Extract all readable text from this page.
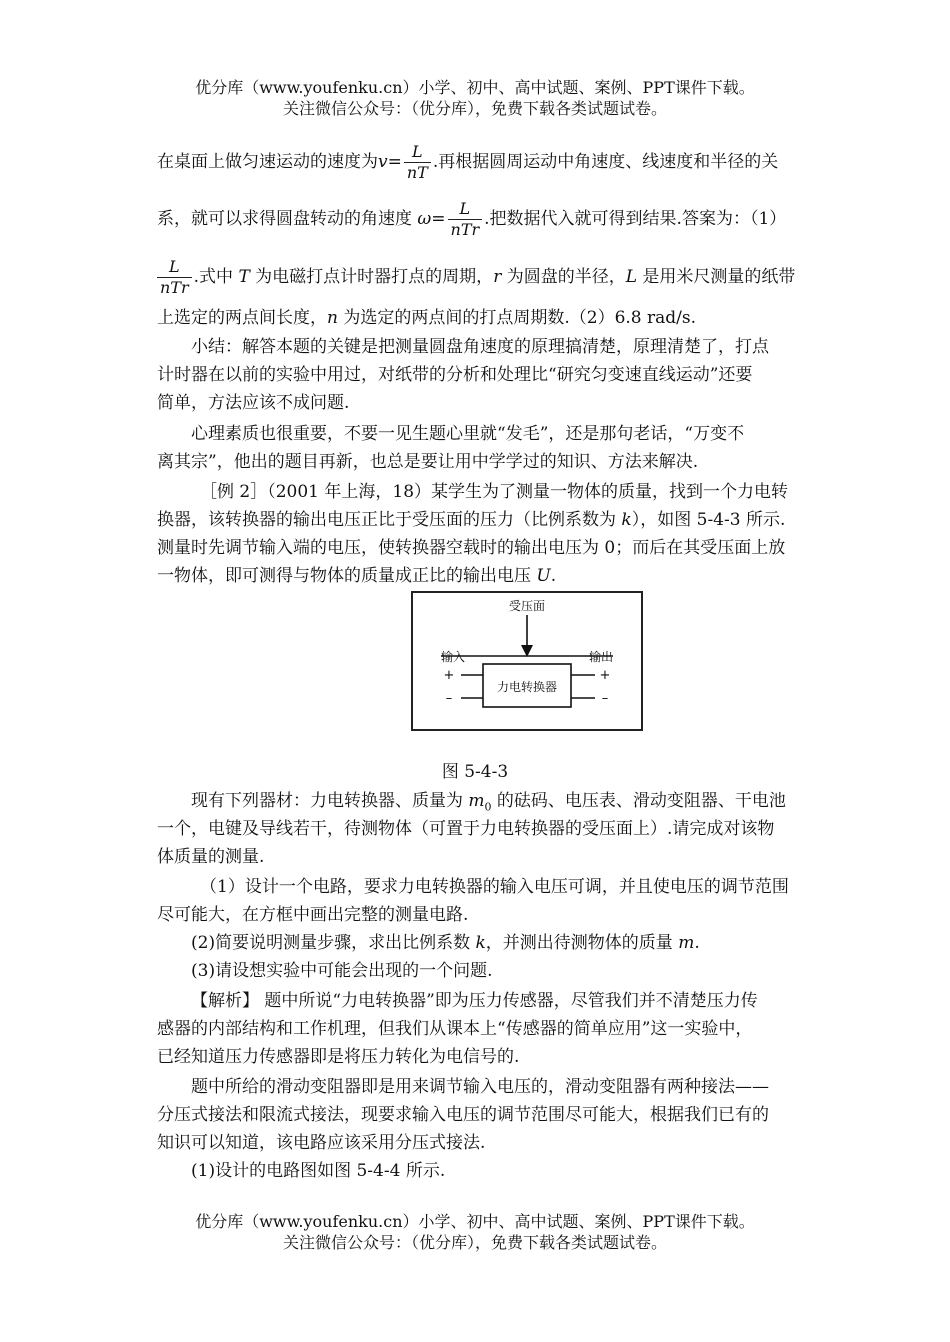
优分库（www.youfenku.cn）小学、初中、高中试题、案例、PPT课件下载。
关注微信公众号：（优分库），免费下载各类试题试卷。
在桌面上做匀速运动的速度为$v= \frac{L}{nT}$ .再根据圆周运动中角速度、线速度和半径的关
系，就可以求得圆盘转动的角速度 $\omega= \frac{L}{\text{nTr}}$ .把数据代入就可得到结果.答案为：（1）
$\frac{L}{\text{nTr}}$ .式中 T 为电磁打点计时器打点的周期，r 为圆盘的半径，L 是用米尺测量的纸带
上选定的两点间长度，n 为选定的两点间的打点周期数.（2）6.8 rad/s.
小结：解答本题的关键是把测量圆盘角速度的原理搞清楚，原理清楚了，打点
计时器在以前的实验中用过，对纸带的分析和处理比“研究匀变速直线运动”还要
简单，方法应该不成问题.
心理素质也很重要，不要一见生题心里就“发毛”，还是那句老话，“万变不
离其宗”，他出的题目再新，也总是要让用中学学过的知识、方法来解决.
［例 2］（2001 年上海，18）某学生为了测量一物体的质量，找到一个力电转
换器，该转换器的输出电压正比于受压面的压力（比例系数为 k），如图 5-4-3 所示.
测量时先调节输入端的电压，使转换器空载时的输出电压为 0；而后在其受压面上放
一物体，即可测得与物体的质量成正比的输出电压 U.
现有下列器材：力电转换器、质量为 $m_0$ 的砝码、电压表、滑动变阻器、干电池
一个，电键及导线若干，待测物体（可置于力电转换器的受压面上）.请完成对该物
体质量的测量.
（1）设计一个电路，要求力电转换器的输入电压可调，并且使电压的调节范围
尽可能大，在方框中画出完整的测量电路.
(2)简要说明测量步骤，求出比例系数 k，并测出待测物体的质量 m.
(3)请设想实验中可能会出现的一个问题.
【解析】 题中所说“力电转换器”即为压力传感器，尽管我们并不清楚压力传
感器的内部结构和工作机理，但我们从课本上“传感器的简单应用”这一实验中，
已经知道压力传感器即是将压力转化为电信号的.
题中所给的滑动变阻器即是用来调节输入电压的，滑动变阻器有两种接法——
分压式接法和限流式接法，现要求输入电压的调节范围尽可能大，根据我们已有的
知识可以知道，该电路应该采用分压式接法.
(1)设计的电路图如图 5-4-4 所示.
受压面
力电转换器
输入	输出
+
–
+
–
图 5-4-3
优分库（www.youfenku.cn）小学、初中、高中试题、案例、PPT课件下载。
关注微信公众号：（优分库），免费下载各类试题试卷。
